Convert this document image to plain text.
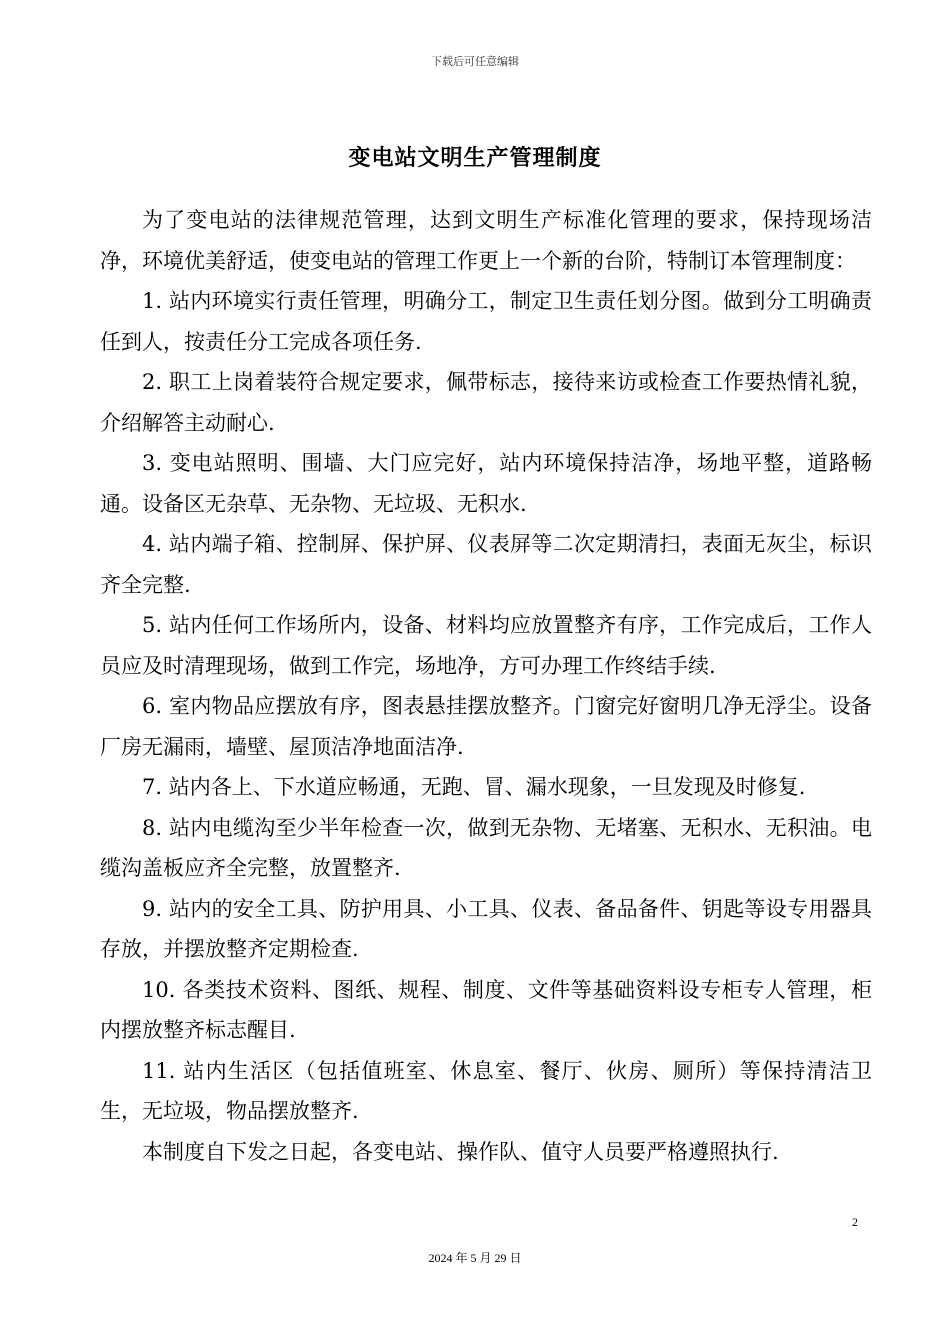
下载后可任意编辑
变电站文明生产管理制度

为了变电站的法律规范管理，达到文明生产标准化管理的要求，保持现场洁净，环境优美舒适，使变电站的管理工作更上一个新的台阶，特制订本管理制度：

1. 站内环境实行责任管理，明确分工，制定卫生责任划分图。做到分工明确责任到人，按责任分工完成各项任务.

2. 职工上岗着装符合规定要求，佩带标志，接待来访或检查工作要热情礼貌，介绍解答主动耐心.

3. 变电站照明、围墙、大门应完好，站内环境保持洁净，场地平整，道路畅通。设备区无杂草、无杂物、无垃圾、无积水.

4. 站内端子箱、控制屏、保护屏、仪表屏等二次定期清扫，表面无灰尘，标识齐全完整.

5. 站内任何工作场所内，设备、材料均应放置整齐有序，工作完成后，工作人员应及时清理现场，做到工作完，场地净，方可办理工作终结手续.

6. 室内物品应摆放有序，图表悬挂摆放整齐。门窗完好窗明几净无浮尘。设备厂房无漏雨，墙壁、屋顶洁净地面洁净.

7. 站内各上、下水道应畅通，无跑、冒、漏水现象，一旦发现及时修复.

8. 站内电缆沟至少半年检查一次，做到无杂物、无堵塞、无积水、无积油。电缆沟盖板应齐全完整，放置整齐.

9. 站内的安全工具、防护用具、小工具、仪表、备品备件、钥匙等设专用器具存放，并摆放整齐定期检查.

10. 各类技术资料、图纸、规程、制度、文件等基础资料设专柜专人管理，柜内摆放整齐标志醒目.

11. 站内生活区（包括值班室、休息室、餐厅、伙房、厕所）等保持清洁卫生，无垃圾，物品摆放整齐.

本制度自下发之日起，各变电站、操作队、值守人员要严格遵照执行.

2
2024 年 5 月 29 日
